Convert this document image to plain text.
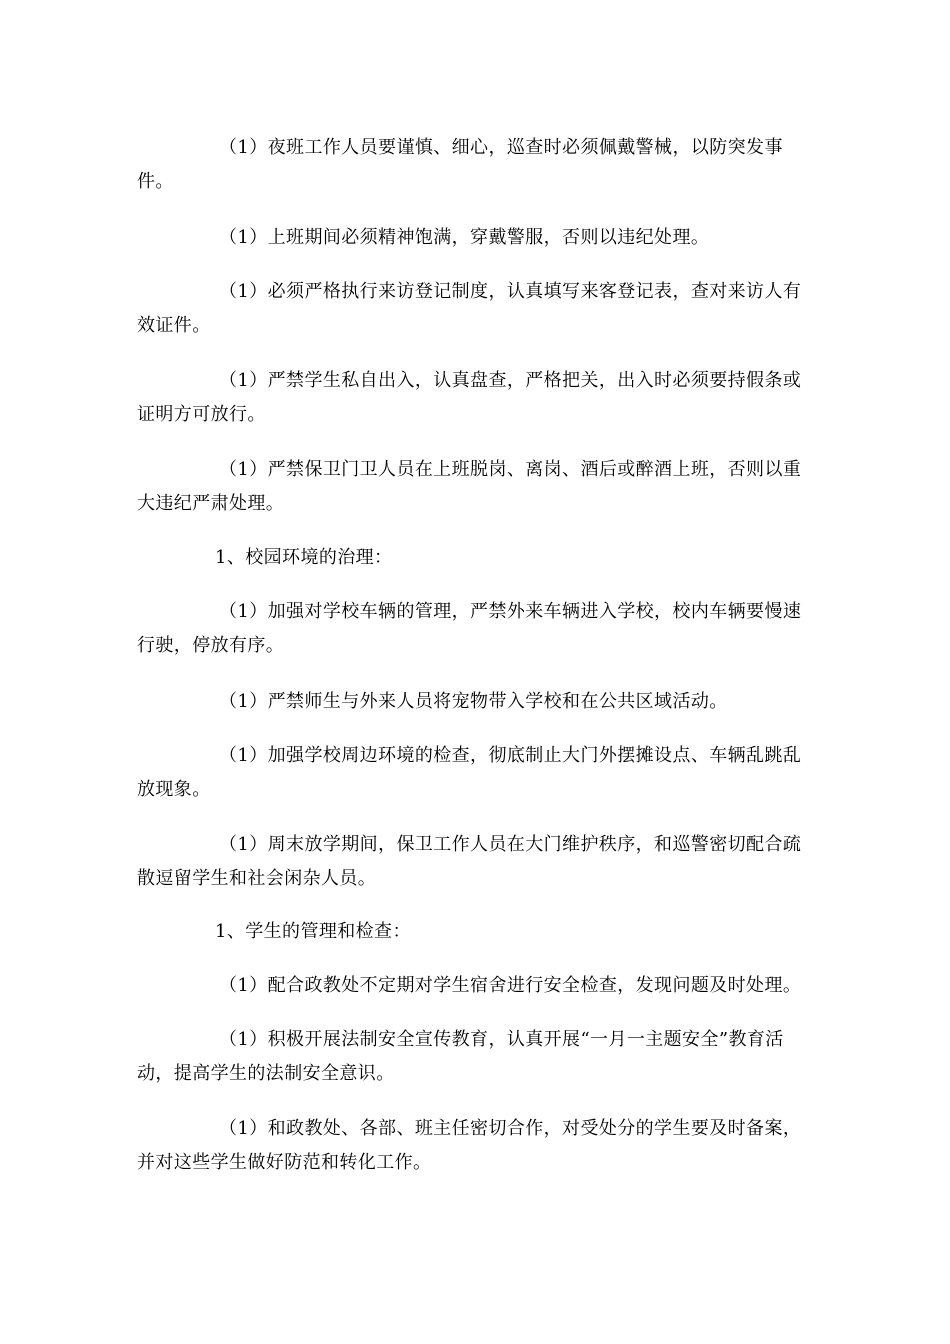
（1）夜班工作人员要谨慎、细心，巡查时必须佩戴警械，以防突发事件。

（1）上班期间必须精神饱满，穿戴警服，否则以违纪处理。

（1）必须严格执行来访登记制度，认真填写来客登记表，查对来访人有效证件。

（1）严禁学生私自出入，认真盘查，严格把关，出入时必须要持假条或证明方可放行。

（1）严禁保卫门卫人员在上班脱岗、离岗、酒后或醉酒上班，否则以重大违纪严肃处理。

1、校园环境的治理：

（1）加强对学校车辆的管理，严禁外来车辆进入学校，校内车辆要慢速行驶，停放有序。

（1）严禁师生与外来人员将宠物带入学校和在公共区域活动。

（1）加强学校周边环境的检查，彻底制止大门外摆摊设点、车辆乱跳乱放现象。

（1）周末放学期间，保卫工作人员在大门维护秩序，和巡警密切配合疏散逗留学生和社会闲杂人员。

1、学生的管理和检查：

（1）配合政教处不定期对学生宿舍进行安全检查，发现问题及时处理。

（1）积极开展法制安全宣传教育，认真开展“一月一主题安全”教育活动，提高学生的法制安全意识。

（1）和政教处、各部、班主任密切合作，对受处分的学生要及时备案，并对这些学生做好防范和转化工作。
